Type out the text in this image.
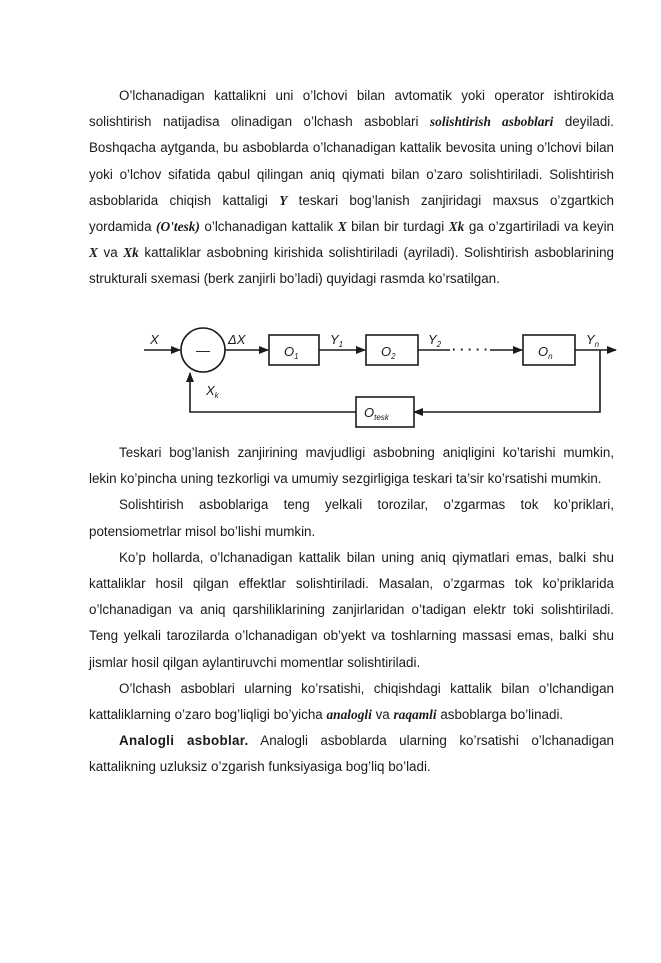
O’lchanadigan kattalikni uni o’lchovi bilan avtomatik yoki operator ishtirokida solishtirish natijadisa olinadigan o’lchash asboblari solishtirish asboblari deyiladi. Boshqacha aytganda, bu asboblarda o’lchanadigan kattalik bevosita uning o’lchovi bilan yoki o’lchov sifatida qabul qilingan aniq qiymati bilan o’zaro solishtiriladi. Solishtirish asboblarida chiqish kattaligi Y teskari bog’lanish zanjiridagi maxsus o’zgartkich yordamida (O'tesk) o’lchanadigan kattalik X bilan bir turdagi Xk ga o’zgartiriladi va keyin X va Xk kattaliklar asbobning kirishida solishtiriladi (ayriladi). Solishtirish asboblarining strukturali sxemasi (berk zanjirli bo’ladi) quyidagi rasmda ko’rsatilgan.

X
—
ΔX
$O_1$
$Y_1$	$O_2$
$Y_2$ · · · · ·	$O_n$
$Y_n$
$O_{tesk}$
$X_k$

Teskari bog’lanish zanjirining mavjudligi asbobning aniqligini ko’tarishi mumkin, lekin ko’pincha uning tezkorligi va umumiy sezgirligiga teskari ta’sir ko’rsatishi mumkin.

Solishtirish asboblariga teng yelkali torozilar, o’zgarmas tok ko’priklari, potensiometrlar misol bo’lishi mumkin.

Ko’p hollarda, o’lchanadigan kattalik bilan uning aniq qiymatlari emas, balki shu kattaliklar hosil qilgan effektlar solishtiriladi. Masalan, o’zgarmas tok ko’priklarida o’lchanadigan va aniq qarshiliklarining zanjirlaridan o’tadigan elektr toki solishtiriladi. Teng yelkali tarozilarda o’lchanadigan ob’yekt va toshlarning massasi emas, balki shu jismlar hosil qilgan aylantiruvchi momentlar solishtiriladi.

O’lchash asboblari ularning ko’rsatishi, chiqishdagi kattalik bilan o’lchandigan kattaliklarning o’zaro bog’liqligi bo’yicha analogli va raqamli asboblarga bo’linadi.

Analogli asboblar. Analogli asboblarda ularning ko’rsatishi o’lchanadigan kattalikning uzluksiz o’zgarish funksiyasiga bog’liq bo’ladi.
